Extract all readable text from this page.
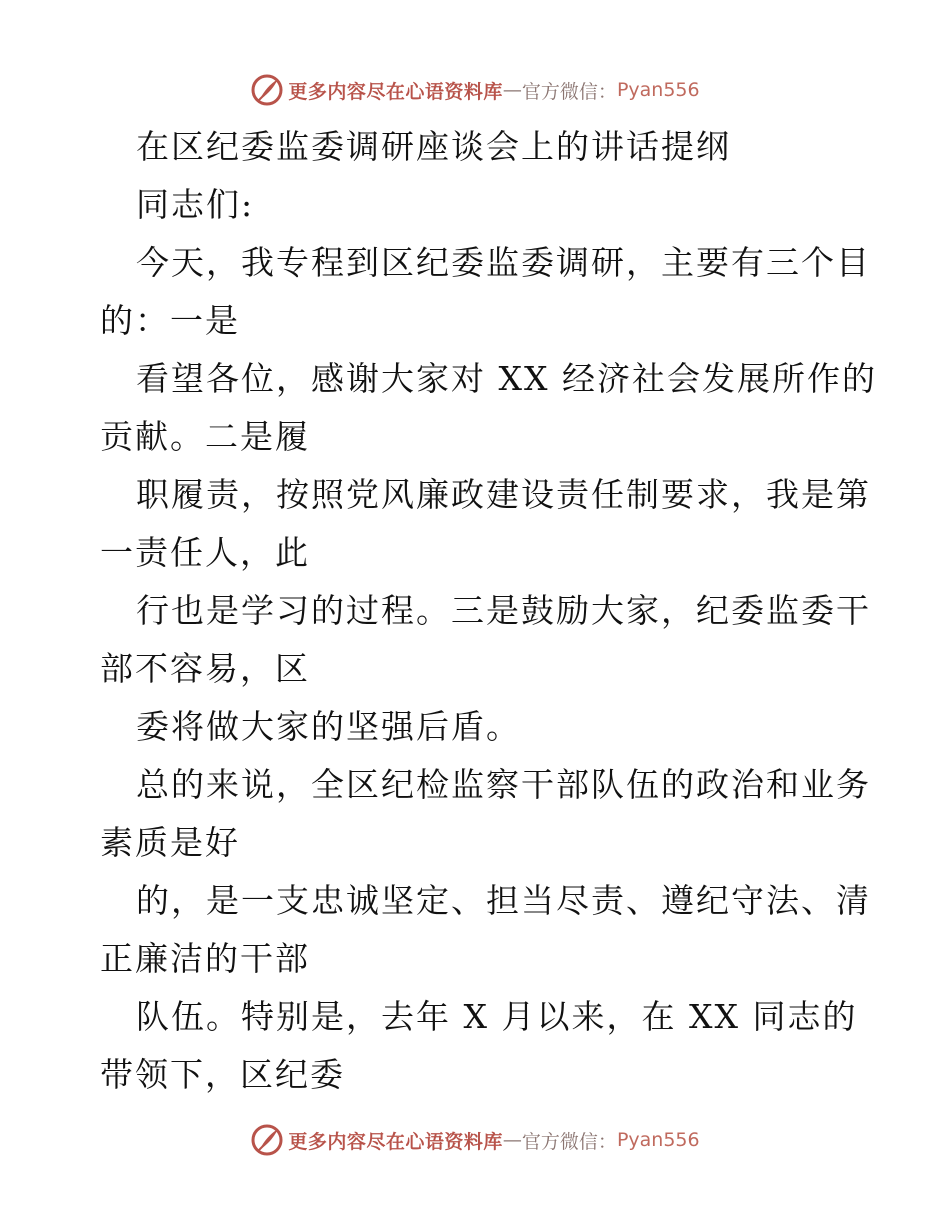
更多内容尽在心语资料库 — 官方微信： Pyan556
在区纪委监委调研座谈会上的讲话提纲
同志们:
今天，我专程到区纪委监委调研，主要有三个目
的：一是
看望各位，感谢大家对 XX 经济社会发展所作的
贡献。二是履
职履责，按照党风廉政建设责任制要求，我是第
一责任人，此
行也是学习的过程。三是鼓励大家，纪委监委干
部不容易，区
委将做大家的坚强后盾。
总的来说，全区纪检监察干部队伍的政治和业务
素质是好
的，是一支忠诚坚定、担当尽责、遵纪守法、清
正廉洁的干部
队伍。特别是，去年 X 月以来，在 XX 同志的
带领下，区纪委
更多内容尽在心语资料库 — 官方微信： Pyan556
